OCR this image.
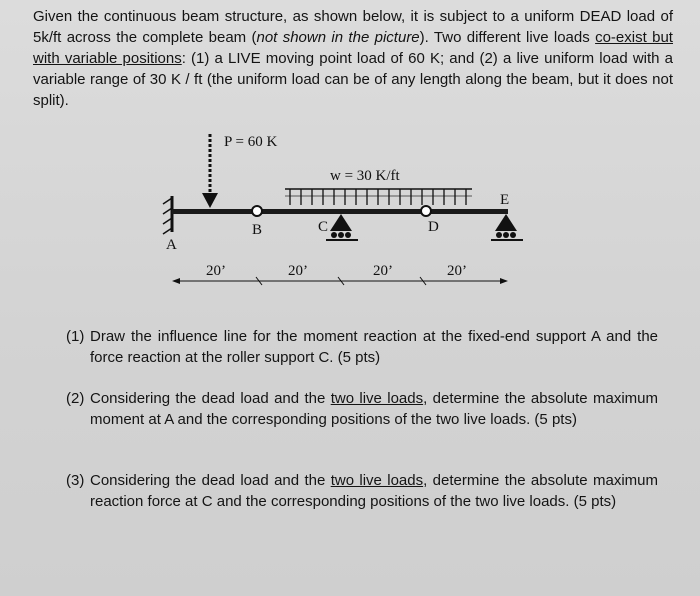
Given the continuous beam structure, as shown below, it is subject to a uniform DEAD load of 5k/ft across the complete beam (not shown in the picture). Two different live loads co-exist but with variable positions: (1) a LIVE moving point load of 60 K; and (2) a live uniform load with a variable range of 30 K / ft (the uniform load can be of any length along the beam, but it does not split).
P = 60 K
w = 30 K/ft
A
B	C	D
E
20’	20’	20’	20’
(1) Draw the influence line for the moment reaction at the fixed-end support A and the force reaction at the roller support C. (5 pts)
(2) Considering the dead load and the two live loads, determine the absolute maximum moment at A and the corresponding positions of the two live loads. (5 pts)
(3) Considering the dead load and the two live loads, determine the absolute maximum reaction force at C and the corresponding positions of the two live loads. (5 pts)
